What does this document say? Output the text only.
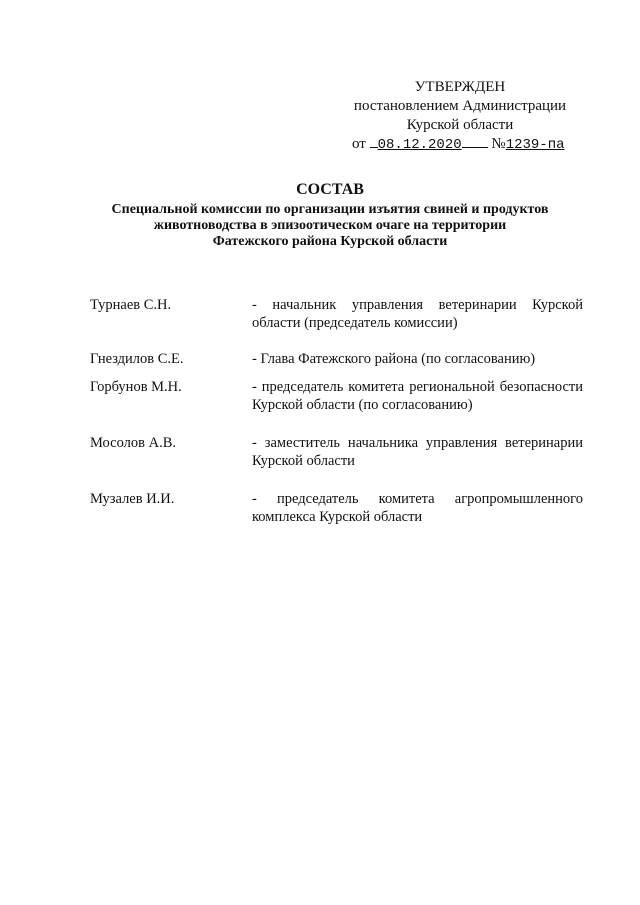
УТВЕРЖДЕН
постановлением Администрации
Курской области
от 08.12.2020 №1239-па
СОСТАВ
Специальной комиссии по организации изъятия свиней и продуктов
животноводства в эпизоотическом очаге на территории
Фатежского района Курской области
Турнаев С.Н.	- начальник управления ветеринарии Курской области (председатель комиссии)
Гнездилов С.Е.	- Глава Фатежского района (по согласованию)
Горбунов М.Н.	- председатель комитета региональной безопасности Курской области (по согласованию)
Мосолов А.В.	- заместитель начальника управления ветеринарии Курской области
Музалев И.И.	- председатель комитета агропромышленного комплекса Курской области
